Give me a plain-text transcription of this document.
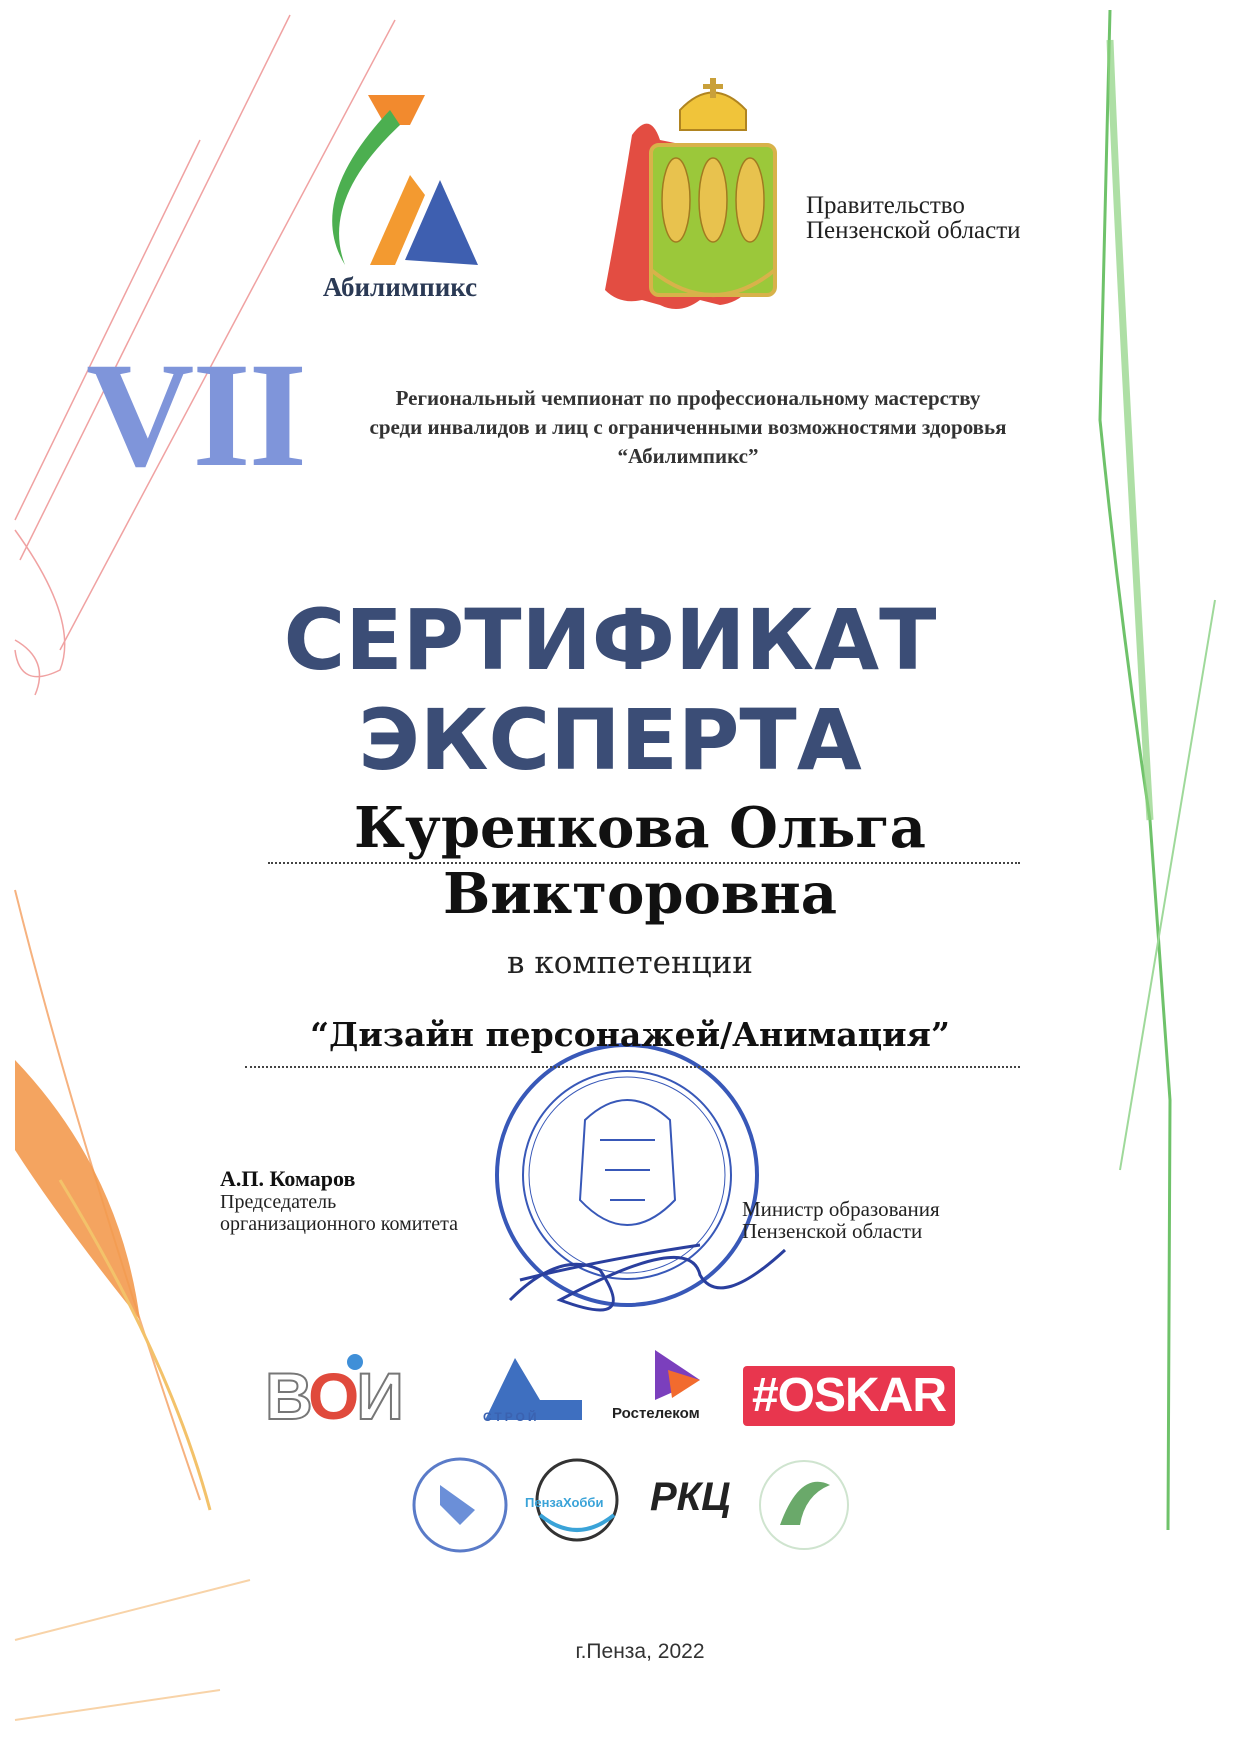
Абилимпикс
Правительство
Пензенской области
VII	Региональный чемпионат по профессиональному мастерству
среди инвалидов и лиц с ограниченными возможностями здоровья
“Абилимпикс”
СЕРТИФИКАТ
ЭКСПЕРТА
Куренкова Ольга Викторовна
в компетенции
“Дизайн персонажей/Анимация”
А.П. Комаров
Председатель
организационного комитета
Министр образования
Пензенской области
ВОИ	СТРОЙ	Ростелеком #OSKAR
ПензаХобби РКЦ
г.Пенза, 2022
